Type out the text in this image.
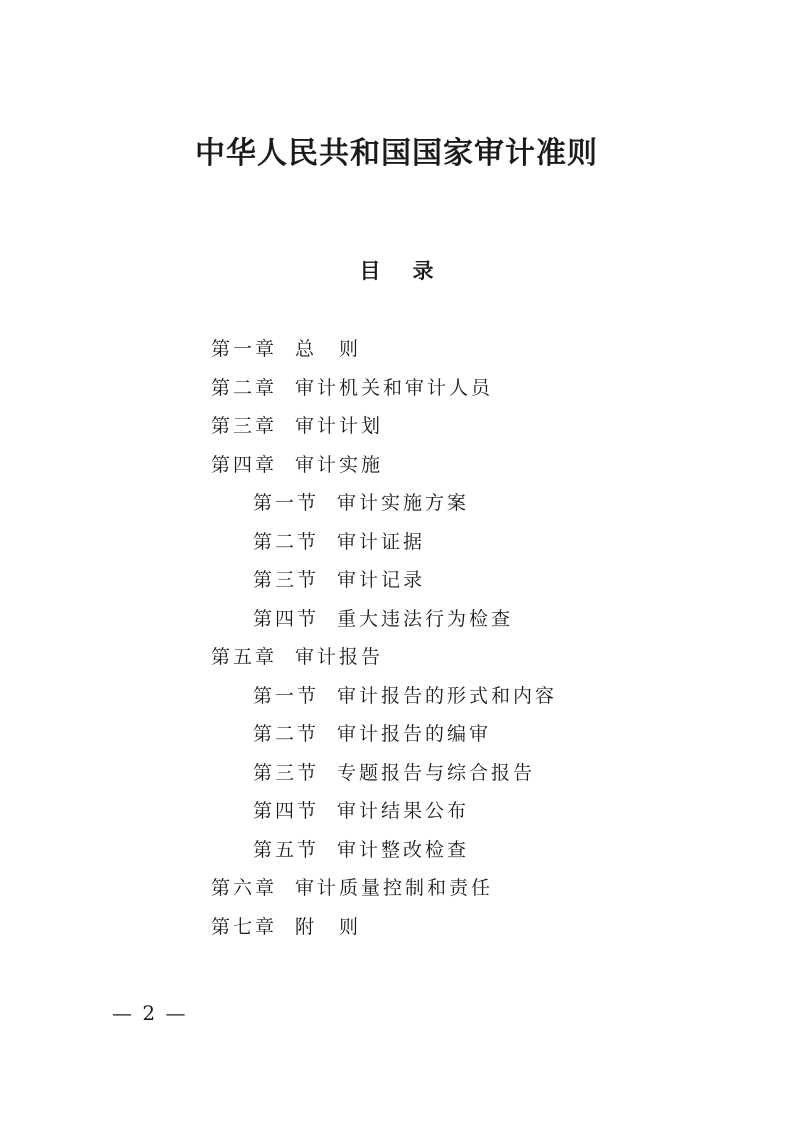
中华人民共和国国家审计准则
目 录
第一章 总　则
第二章 审计机关和审计人员
第三章 审计计划
第四章 审计实施
第一节 审计实施方案
第二节 审计证据
第三节 审计记录
第四节 重大违法行为检查
第五章 审计报告
第一节 审计报告的形式和内容
第二节 审计报告的编审
第三节 专题报告与综合报告
第四节 审计结果公布
第五节 审计整改检查
第六章 审计质量控制和责任
第七章 附　则

— 2 —
